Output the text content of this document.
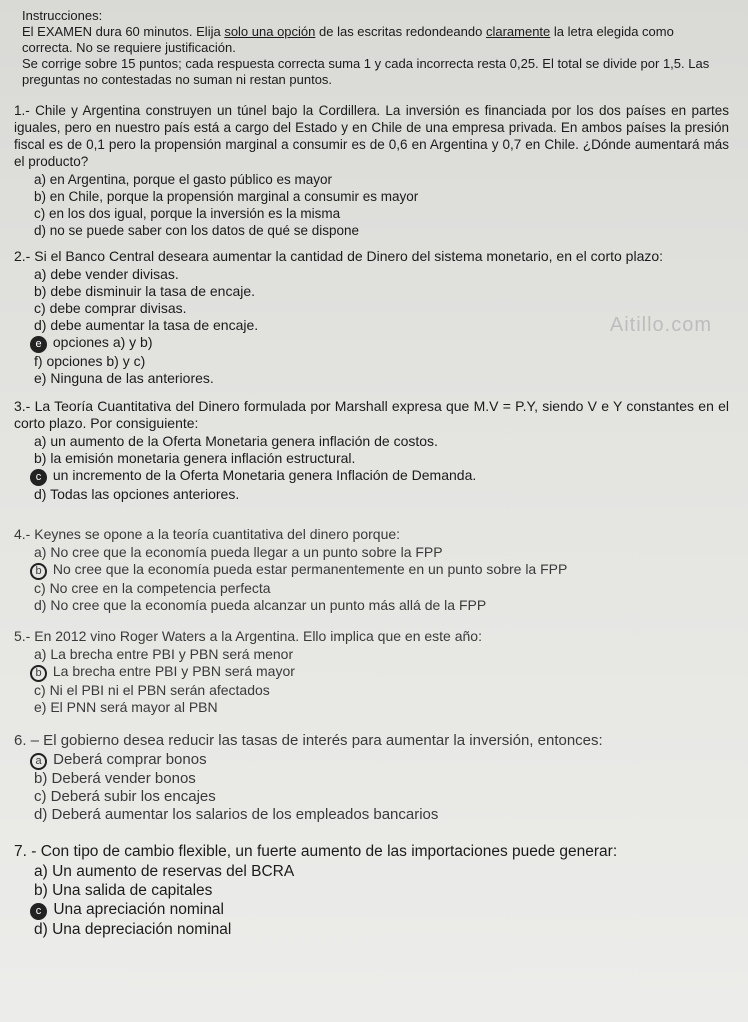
Instrucciones:

El EXAMEN dura 60 minutos. Elija solo una opción de las escritas redondeando claramente la letra elegida como correcta. No se requiere justificación.

Se corrige sobre 15 puntos; cada respuesta correcta suma 1 y cada incorrecta resta 0,25. El total se divide por 1,5. Las preguntas no contestadas no suman ni restan puntos.

Aitillo.com

1.- Chile y Argentina construyen un túnel bajo la Cordillera. La inversión es financiada por los dos países en partes iguales, pero en nuestro país está a cargo del Estado y en Chile de una empresa privada. En ambos países la presión fiscal es de 0,1 pero la propensión marginal a consumir es de 0,6 en Argentina y 0,7 en Chile. ¿Dónde aumentará más el producto?

a) en Argentina, porque el gasto público es mayor
b) en Chile, porque la propensión marginal a consumir es mayor
c) en los dos igual, porque la inversión es la misma
d) no se puede saber con los datos de qué se dispone

2.- Si el Banco Central deseara aumentar la cantidad de Dinero del sistema monetario, en el corto plazo:

a) debe vender divisas.
b) debe disminuir la tasa de encaje.
c) debe comprar divisas.
d) debe aumentar la tasa de encaje.
e opciones a) y b)
f) opciones b) y c)
e) Ninguna de las anteriores.

3.- La Teoría Cuantitativa del Dinero formulada por Marshall expresa que M.V = P.Y, siendo V e Y constantes en el corto plazo. Por consiguiente:

a) un aumento de la Oferta Monetaria genera inflación de costos.
b) la emisión monetaria genera inflación estructural.
c un incremento de la Oferta Monetaria genera Inflación de Demanda.
d) Todas las opciones anteriores.

4.- Keynes se opone a la teoría cuantitativa del dinero porque:

a) No cree que la economía pueda llegar a un punto sobre la FPP
b No cree que la economía pueda estar permanentemente en un punto sobre la FPP
c) No cree en la competencia perfecta
d) No cree que la economía pueda alcanzar un punto más allá de la FPP

5.- En 2012 vino Roger Waters a la Argentina. Ello implica que en este año:

a) La brecha entre PBI y PBN será menor
b La brecha entre PBI y PBN será mayor
c) Ni el PBI ni el PBN serán afectados
e) El PNN será mayor al PBN

6. – El gobierno desea reducir las tasas de interés para aumentar la inversión, entonces:

a Deberá comprar bonos
b) Deberá vender bonos
c) Deberá subir los encajes
d) Deberá aumentar los salarios de los empleados bancarios

7. - Con tipo de cambio flexible, un fuerte aumento de las importaciones puede generar:

a) Un aumento de reservas del BCRA
b) Una salida de capitales
c Una apreciación nominal
d) Una depreciación nominal
